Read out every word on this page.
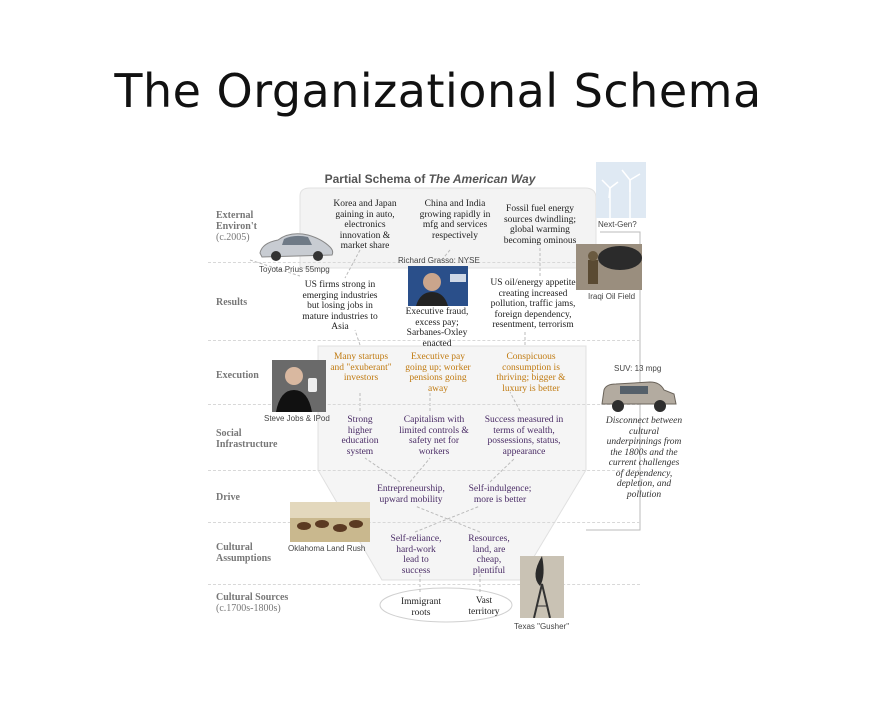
The Organizational Schema
Partial Schema of The American Way
External Environ't
(c.2005)
Results
Execution
Social Infrastructure
Drive
Cultural Assumptions
Cultural Sources
(c.1700s-1800s)
Korea and Japan gaining in auto, electronics innovation & market share
China and India growing rapidly in mfg and services respectively
Fossil fuel energy sources dwindling; global warming becoming ominous
US firms strong in emerging industries but losing jobs in mature industries to Asia
Executive fraud, excess pay; Sarbanes-Oxley enacted
US oil/energy appetite creating increased pollution, traffic jams, foreign dependency, resentment, terrorism
Many startups and "exuberant" investors
Executive pay going up; worker pensions going away
Conspicuous consumption is thriving; bigger & luxury is better
Strong higher education system
Capitalism with limited controls & safety net for workers
Success measured in terms of wealth, possessions, status, appearance
Entrepreneurship, upward mobility
Self-indulgence; more is better
Self-reliance, hard-work lead to success
Resources, land, are cheap, plentiful
Immigrant roots
Vast territory
Disconnect between cultural underpinnings from the 1800s and the current challenges of dependency, depletion, and pollution
Toyota Prius 55mpg
Next-Gen?
Richard Grasso: NYSE
Iraqi Oil Field
SUV: 13 mpg
Steve Jobs & IPod
Oklahoma Land Rush
Texas "Gusher"
